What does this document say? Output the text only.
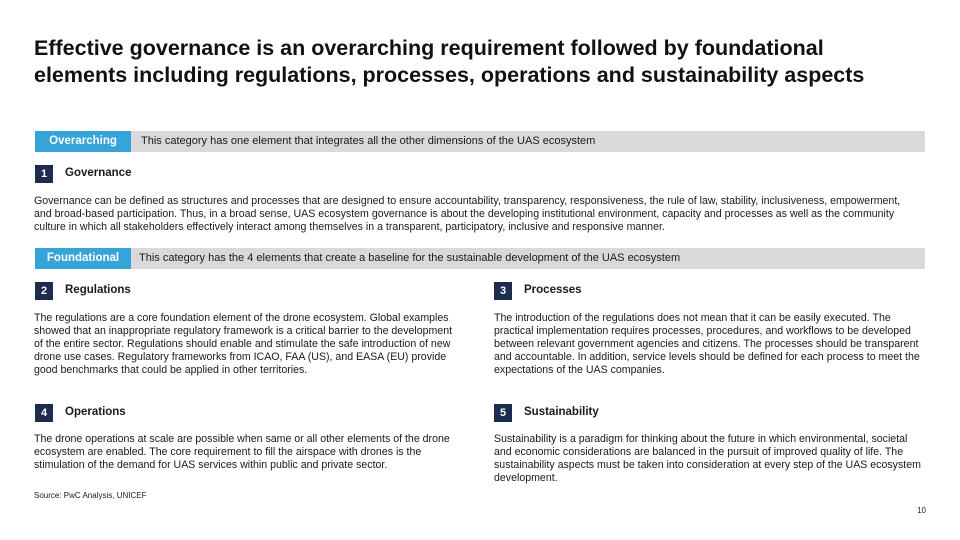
Effective governance is an overarching requirement followed by foundational
elements including regulations, processes, operations and sustainability aspects
Overarching	This category has one element that integrates all the other dimensions of the UAS ecosystem
1	Governance

Governance can be defined as structures and processes that are designed to ensure accountability, transparency, responsiveness, the rule of law, stability, inclusiveness, empowerment,
and broad-based participation. Thus, in a broad sense, UAS ecosystem governance is about the developing institutional environment, capacity and processes as well as the community
culture in which all stakeholders effectively interact among themselves in a transparent, participatory, inclusive and responsive manner.

Foundational	This category has the 4 elements that create a baseline for the sustainable development of the UAS ecosystem
2	Regulations

The regulations are a core foundation element of the drone ecosystem. Global examples
showed that an inappropriate regulatory framework is a critical barrier to the development
of the entire sector. Regulations should enable and stimulate the safe introduction of new
drone use cases. Regulatory frameworks from ICAO, FAA (US), and EASA (EU) provide
good benchmarks that could be applied in other territories.

3	Processes

The introduction of the regulations does not mean that it can be easily executed. The
practical implementation requires processes, procedures, and workflows to be developed
between relevant government agencies and citizens. The processes should be transparent
and accountable. In addition, service levels should be defined for each process to meet the
expectations of the UAS companies.

4	Operations

The drone operations at scale are possible when same or all other elements of the drone
ecosystem are enabled. The core requirement to fill the airspace with drones is the
stimulation of the demand for UAS services within public and private sector.

5	Sustainability

Sustainability is a paradigm for thinking about the future in which environmental, societal
and economic considerations are balanced in the pursuit of improved quality of life. The
sustainability aspects must be taken into consideration at every step of the UAS ecosystem
development.

Source: PwC Analysis, UNICEF
10
